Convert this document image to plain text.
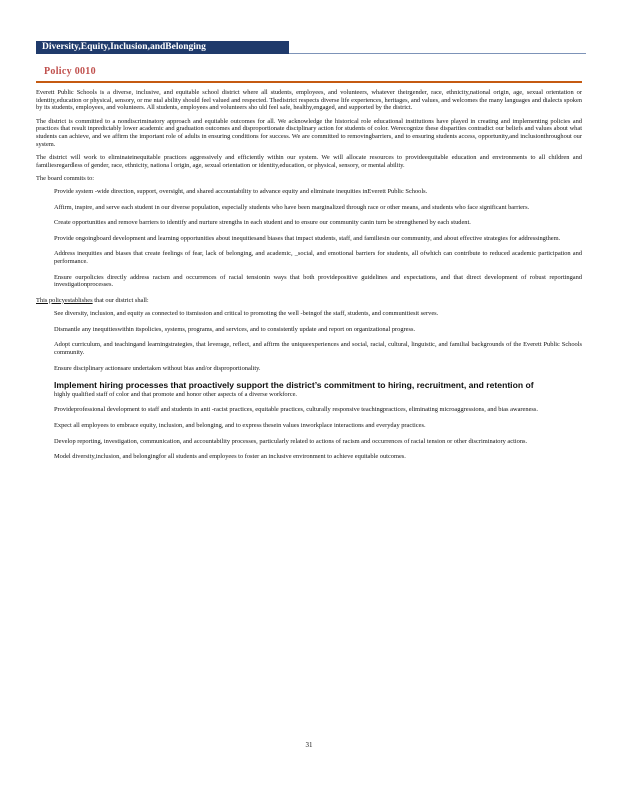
Diversity,Equity,Inclusion,andBelonging
Policy 0010

Everett Public Schools is a diverse, inclusive, and equitable school district where all students, employees, and volunteers, whatever theirgender, race, ethnicity,national origin, age, sexual orientation or identity,education or physical, sensory, or me ntal ability should feel valued and respected. Thedistrict respects diverse life experiences, heritages, and values, and welcomes the many languages and dialects spoken by its students, employees, and volunteers. All students, employees and volunteers sho uld feel safe, healthy,engaged, and supported by the district.

The district is committed to a nondiscriminatory approach and equitable outcomes for all. We acknowledge the historical role educational institutions have played in creating and implementing policies and practices that result inpredictably lower academic and graduation outcomes and disproportionate disciplinary action for students of color. Werecognize these disparities contradict our beliefs and values about what students can achieve, and we affirm the important role of adults in ensuring conditions for success. We are committed to removingbarriers, and to ensuring students access, opportunity,and inclusionthroughout our system.

The district will work to eliminateinequitable practices aggressively and efficiently within our system. We will allocate resources to provideequitable education and environments to all children and familiesregardless of gender, race, ethnicity, nationa l origin, age, sexual orientation or identity,education, or physical, sensory, or mental ability.

The board commits to:

Provide system -wide direction, support, oversight, and shared accountability to advance equity and eliminate inequities inEverett Public Schools.
Affirm, inspire, and serve each student in our diverse population, especially students who have been marginalized through race or other means, and students who face significant barriers.
Create opportunities and remove barriers to identify and nurture strengths in each student and to ensure our community canin turn be strengthened by each student.
Provide ongoingboard development and learning opportunities about inequitiesand biases that impact students, staff, and familiesin our community, and about effective strategies for addressingthem.
Address inequities and biases that create feelings of fear, lack of belonging, and academic, _social, and emotional barriers for students, all ofwhich can contribute to reduced academic participation and performance.
Ensure ourpolicies directly address racism and occurrences of racial tensionin ways that both providepositive guidelines and expectations, and that direct development of robust reportingand investigationprocesses.

This policyestablishes that our district shall:

See diversity, inclusion, and equity as connected to itsmission and critical to promoting the well -beingof the staff, students, and communitiesit serves.
Dismantle any inequitieswithin itspolicies, systems, programs, and services, and to consistently update and report on organizational progress.
Adopt curriculum, and teachingand learningstrategies, that leverage, reflect, and affirm the uniqueexperiences and social, racial, cultural, linguistic, and familial backgrounds of the Everett Public Schools community.
Ensure disciplinary actionsare undertaken without bias and/or disproportionality.
Implement hiring processes that proactively support the district’s commitment to hiring, recruitment, and retention of
highly qualified staff of color and that promote and honor other aspects of a diverse workforce.
Provideprofessional development to staff and students in anti -racist practices, equitable practices, culturally responsive teachingpractices, eliminating microaggressions, and bias awareness.
Expect all employees to embrace equity, inclusion, and belonging, and to express thesein values inworkplace interactions and everyday practices.
Develop reporting, investigation, communication, and accountability processes, particularly related to actions of racism and occurrences of racial tension or other discriminatory actions.
Model diversity,inclusion, and belongingfor all students and employees to foster an inclusive environment to achieve equitable outcomes.
31
